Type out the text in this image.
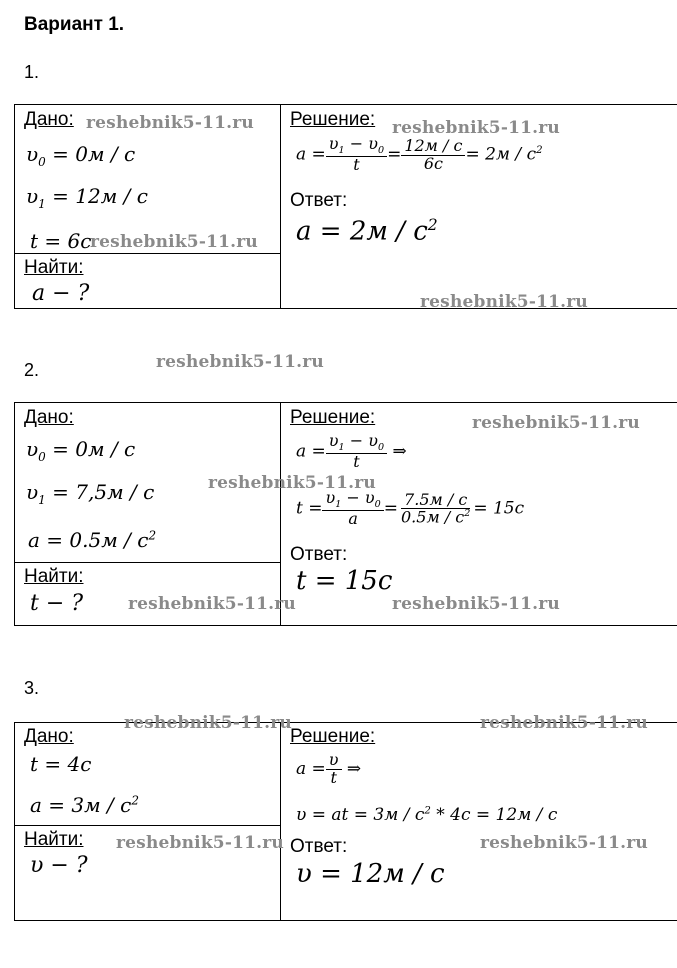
Вариант 1.
1.
Дано:
$\upsilon_0 = 0м / с$
$\upsilon_1 = 12м / с$
t = 6c
Найти:
a − ?
Решение:
$a = \frac{\upsilon_1 - \upsilon_0}{t} = \frac{12м / c}{6c} = 2м / c^2$
Ответ:
$a = 2м / c^2$
2.
Дано:
$\upsilon_0 = 0м / c$
$\upsilon_1 = 7,5м / c$
$a = 0.5м / c^2$
Найти:
t − ?
Решение:
$a = \frac{\upsilon_1 - \upsilon_0}{t}$ ⇒
$t = \frac{\upsilon_1 - \upsilon_0}{a} = \frac{7.5м / c}{0.5м / c^2} = 15c$
Ответ:
t = 15c
3.
Дано:
t = 4c
$a = 3м / c^2$
Найти:
υ − ?
Решение:
$a = \frac{\upsilon}{t}$ ⇒
υ = at = $3м / c^2 * 4c = 12м / c$
Ответ:
υ = 12м / c
reshebnik5-11.ru	reshebnik5-11.ru
reshebnik5-11.ru
reshebnik5-11.ru
reshebnik5-11.ru
reshebnik5-11.ru
reshebnik5-11.ru
reshebnik5-11.ru	reshebnik5-11.ru
reshebnik5-11.ru	reshebnik5-11.ru
reshebnik5-11.ru	reshebnik5-11.ru
